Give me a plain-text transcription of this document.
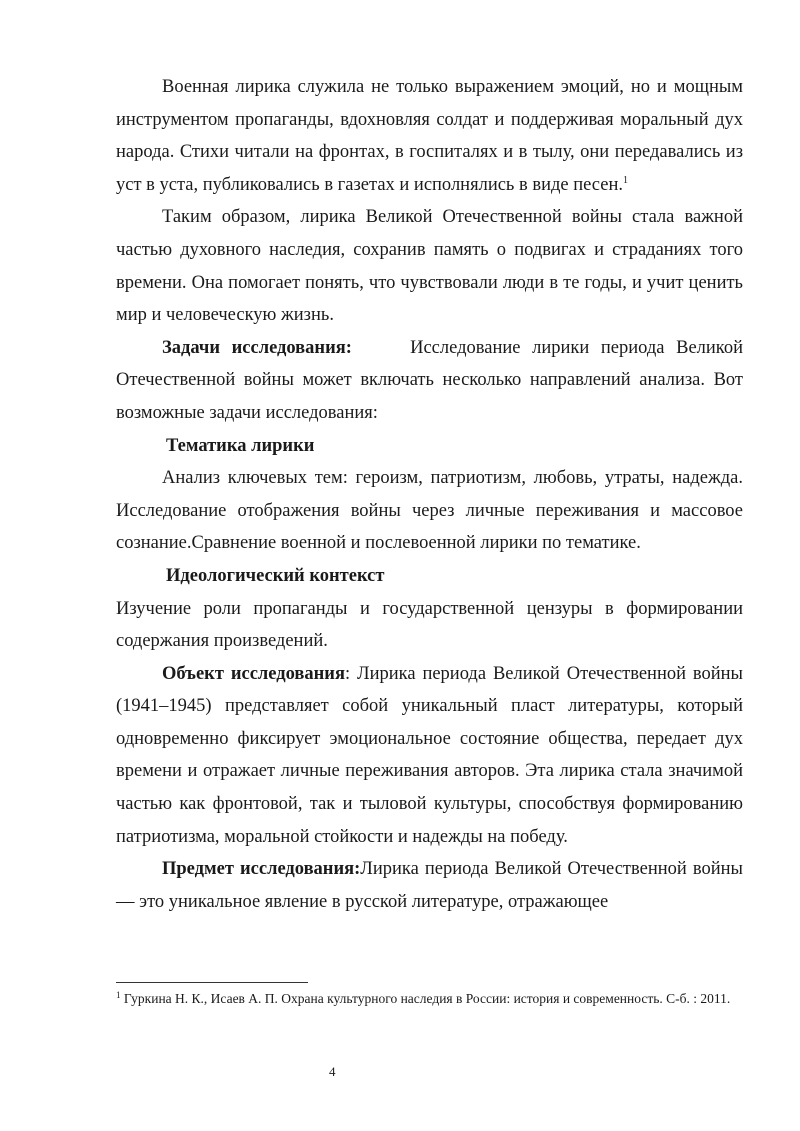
Военная лирика служила не только выражением эмоций, но и мощным инструментом пропаганды, вдохновляя солдат и поддерживая моральный дух народа. Стихи читали на фронтах, в госпиталях и в тылу, они передавались из уст в уста, публиковались в газетах и исполнялись в виде песен.$^1$

Таким образом, лирика Великой Отечественной войны стала важной частью духовного наследия, сохранив память о подвигах и страданиях того времени. Она помогает понять, что чувствовали люди в те годы, и учит ценить мир и человеческую жизнь.

Задачи исследования:	Исследование лирики периода Великой Отечественной войны может включать несколько направлений анализа. Вот возможные задачи исследования:

Тематика лирики

Анализ ключевых тем: героизм, патриотизм, любовь, утраты, надежда. Исследование отображения войны через личные переживания и массовое сознание.Сравнение военной и послевоенной лирики по тематике.

Идеологический контекст

Изучение роли пропаганды и государственной цензуры в формировании содержания произведений.

Объект исследования: Лирика периода Великой Отечественной войны (1941–1945) представляет собой уникальный пласт литературы, который одновременно фиксирует эмоциональное состояние общества, передает дух времени и отражает личные переживания авторов. Эта лирика стала значимой частью как фронтовой, так и тыловой культуры, способствуя формированию патриотизма, моральной стойкости и надежды на победу.

Предмет исследования:Лирика периода Великой Отечественной войны — это уникальное явление в русской литературе, отражающее

$^1$ Гуркина Н. К., Исаев А. П. Охрана культурного наследия в России: история и современность. С-б. : 2011.
4
